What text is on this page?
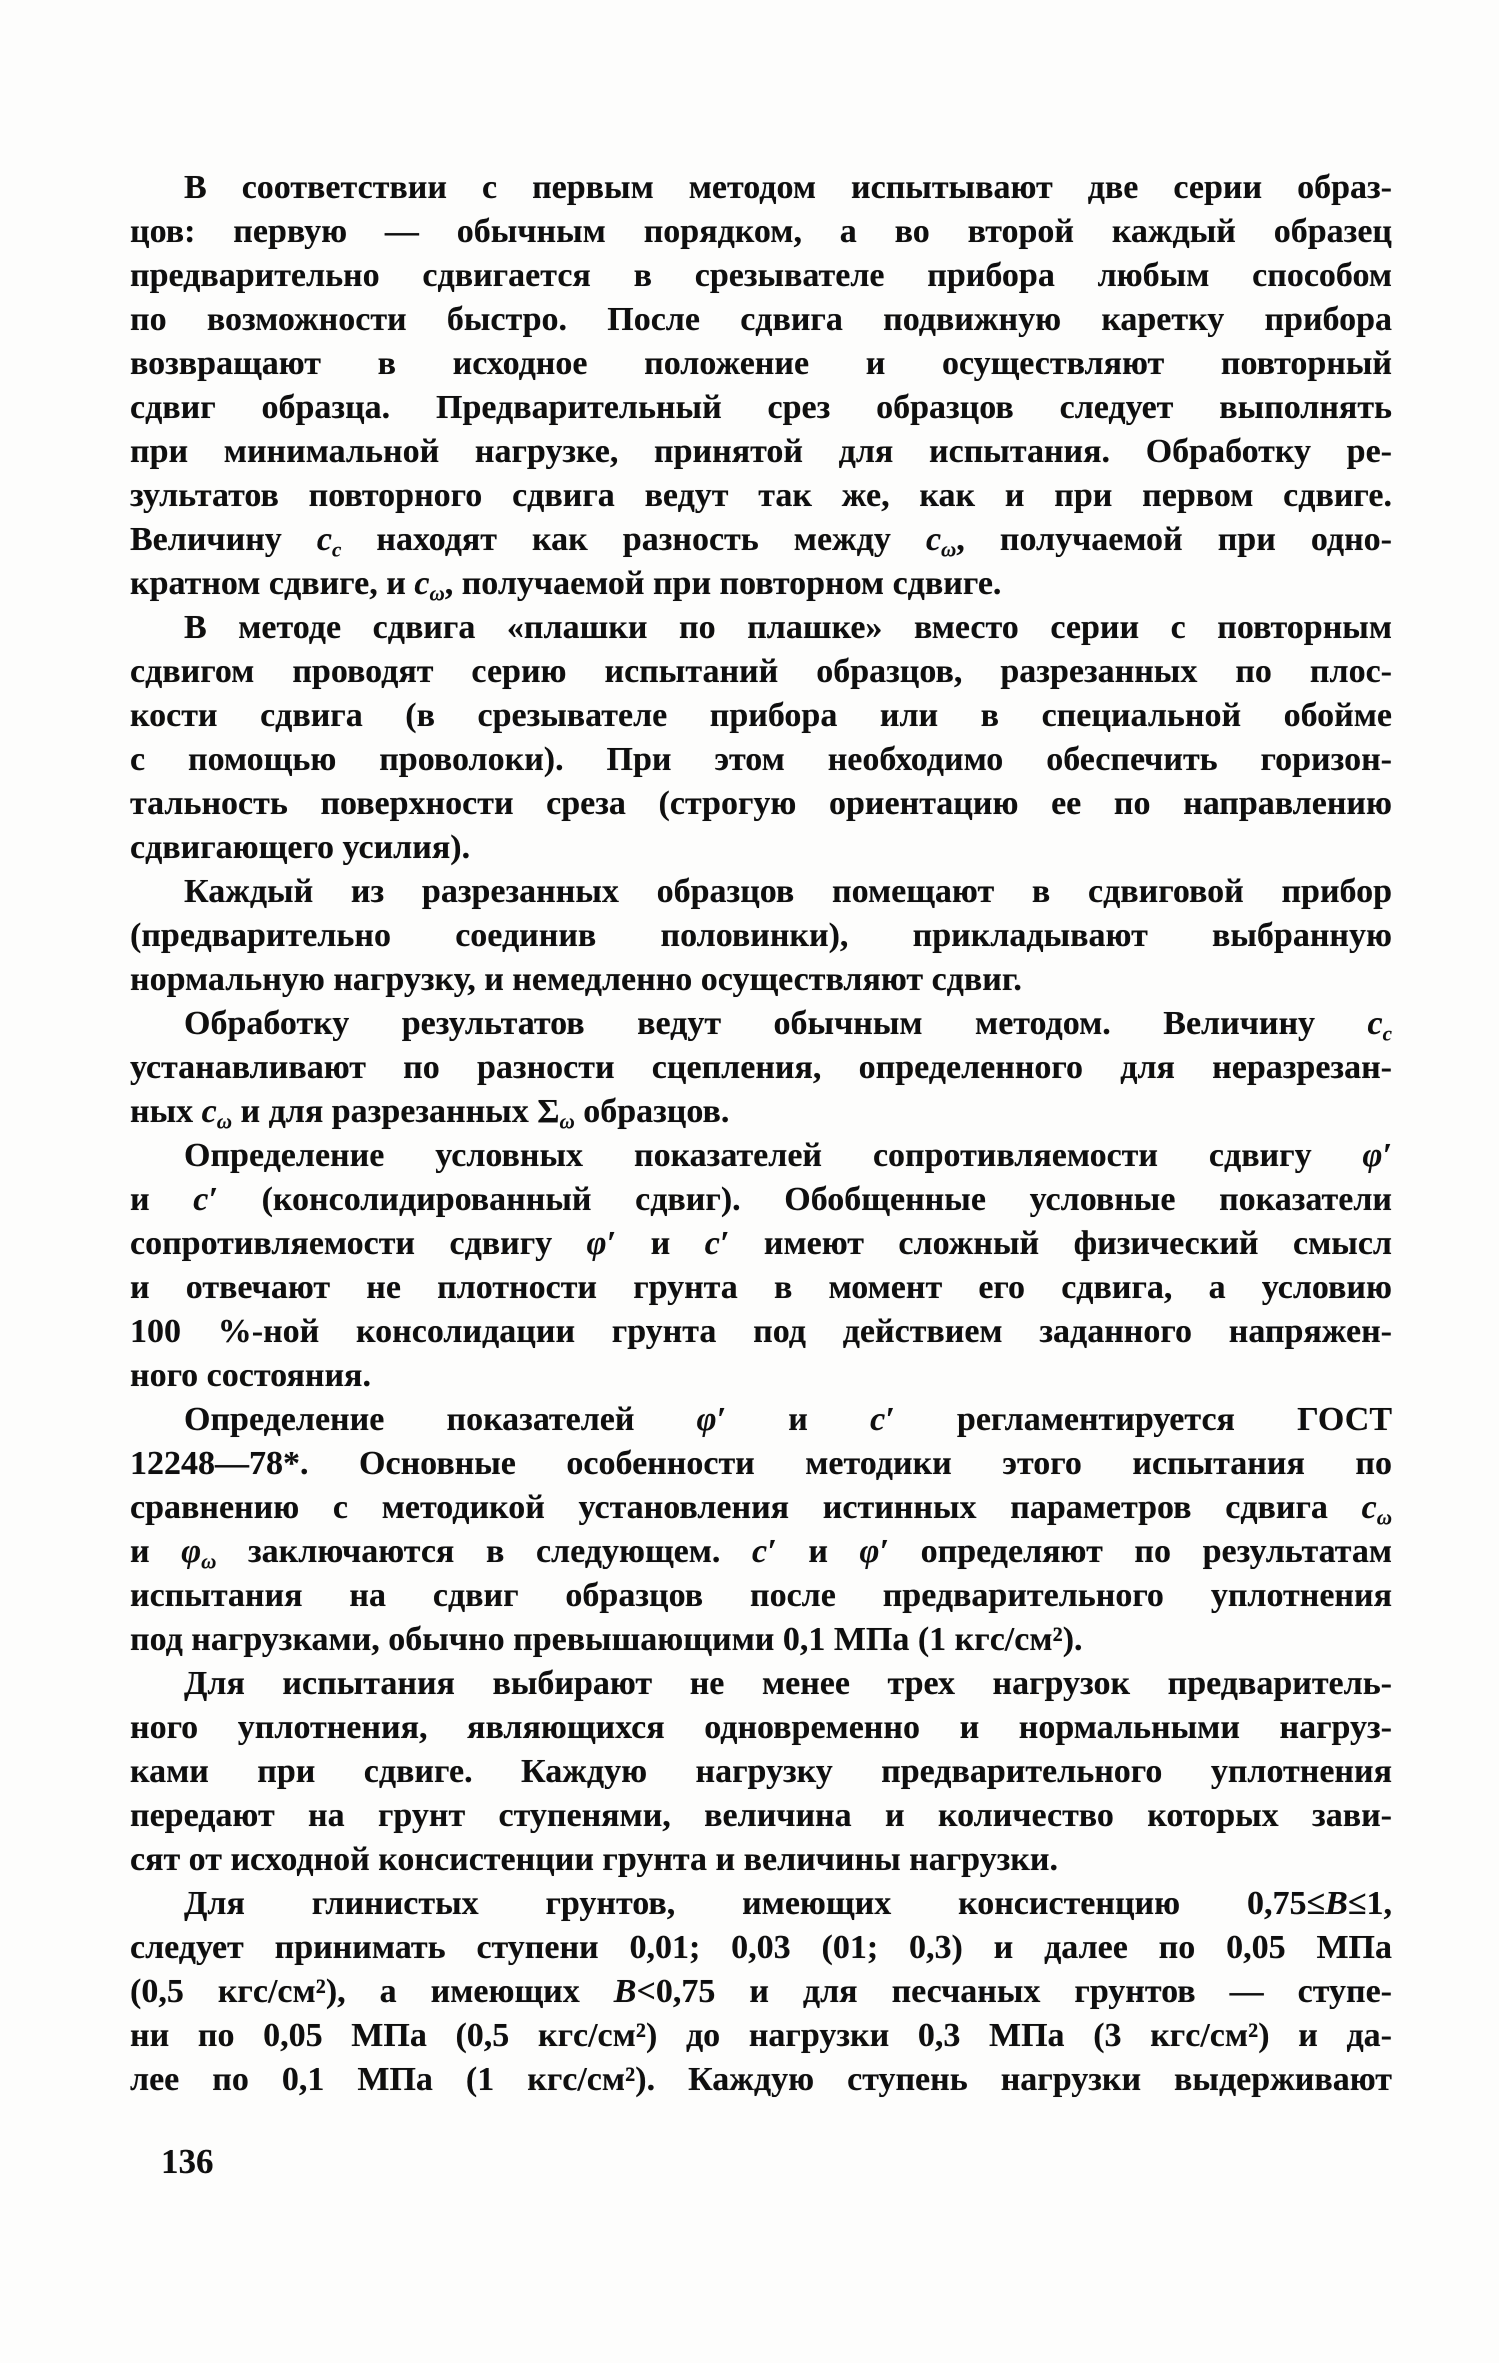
В соответствии с первым методом испытывают две серии образ-
цов: первую — обычным порядком, а во второй каждый образец
предварительно сдвигается в срезывателе прибора любым способом
по возможности быстро. После сдвига подвижную каретку прибора
возвращают в исходное положение и осуществляют повторный
сдвиг образца. Предварительный срез образцов следует выполнять
при минимальной нагрузке, принятой для испытания. Обработку ре-
зультатов повторного сдвига ведут так же, как и при первом сдвиге.
Величину $c_c$ находят как разность между $c_\omega$, получаемой при одно-
кратном сдвиге, и $c_\omega$, получаемой при повторном сдвиге.
В методе сдвига «плашки по плашке» вместо серии с повторным
сдвигом проводят серию испытаний образцов, разрезанных по плос-
кости сдвига (в срезывателе прибора или в специальной обойме
с помощью проволоки). При этом необходимо обеспечить горизон-
тальность поверхности среза (строгую ориентацию ее по направлению
сдвигающего усилия).
Каждый из разрезанных образцов помещают в сдвиговой прибор
(предварительно соединив половинки), прикладывают выбранную
нормальную нагрузку, и немедленно осуществляют сдвиг.
Обработку результатов ведут обычным методом. Величину $c_c$
устанавливают по разности сцепления, определенного для неразрезан-
ных $c_\omega$ и для разрезанных $\Sigma_\omega$ образцов.
Определение условных показателей сопротивляемости сдвигу φ′
и c′ (консолидированный сдвиг). Обобщенные условные показатели
сопротивляемости сдвигу φ′ и c′ имеют сложный физический смысл
и отвечают не плотности грунта в момент его сдвига, а условию
100 %-ной консолидации грунта под действием заданного напряжен-
ного состояния.
Определение показателей φ′ и c′ регламентируется ГОСТ
12248—78*. Основные особенности методики этого испытания по
сравнению с методикой установления истинных параметров сдвига $c_\omega$
и $\varphi_\omega$ заключаются в следующем. c′ и φ′ определяют по результатам
испытания на сдвиг образцов после предварительного уплотнения
под нагрузками, обычно превышающими 0,1 МПа (1 кгс/см²).
Для испытания выбирают не менее трех нагрузок предваритель-
ного уплотнения, являющихся одновременно и нормальными нагруз-
ками при сдвиге. Каждую нагрузку предварительного уплотнения
передают на грунт ступенями, величина и количество которых зави-
сят от исходной консистенции грунта и величины нагрузки.
Для глинистых грунтов, имеющих консистенцию 0,75≤B≤1,
следует принимать ступени 0,01; 0,03 (01; 0,3) и далее по 0,05 МПа
(0,5 кгс/см²), а имеющих B<0,75 и для песчаных грунтов — ступе-
ни по 0,05 МПа (0,5 кгс/см²) до нагрузки 0,3 МПа (3 кгс/см²) и да-
лее по 0,1 МПа (1 кгс/см²). Каждую ступень нагрузки выдерживают
136
